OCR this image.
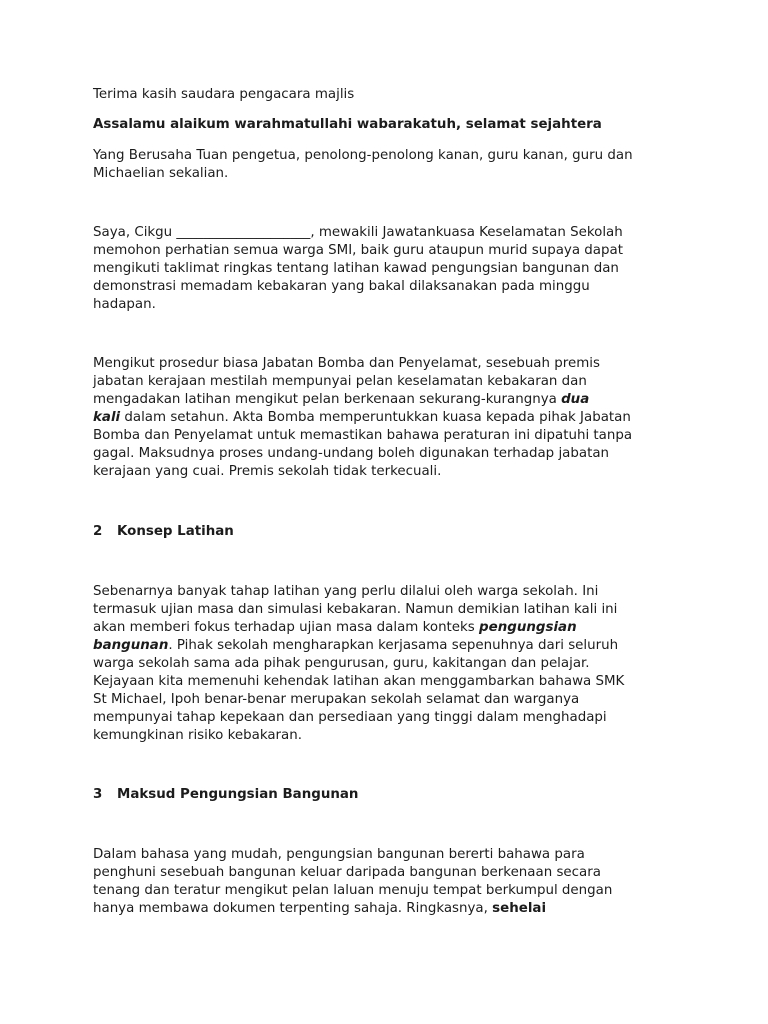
Terima kasih saudara pengacara majlis

Assalamu alaikum warahmatullahi wabarakatuh, selamat sejahtera

Yang Berusaha Tuan pengetua, penolong-penolong kanan, guru kanan, guru dan
Michaelian sekalian.
Saya, Cikgu ____________________, mewakili Jawatankuasa Keselamatan Sekolah
memohon perhatian semua warga SMI, baik guru ataupun murid supaya dapat
mengikuti taklimat ringkas tentang latihan kawad pengungsian bangunan dan
demonstrasi memadam kebakaran yang bakal dilaksanakan pada minggu
hadapan.
Mengikut prosedur biasa Jabatan Bomba dan Penyelamat, sesebuah premis
jabatan kerajaan mestilah mempunyai pelan keselamatan kebakaran dan
mengadakan latihan mengikut pelan berkenaan sekurang-kurangnya dua
kali dalam setahun. Akta Bomba memperuntukkan kuasa kepada pihak Jabatan
Bomba dan Penyelamat untuk memastikan bahawa peraturan ini dipatuhi tanpa
gagal. Maksudnya proses undang-undang boleh digunakan terhadap jabatan
kerajaan yang cuai. Premis sekolah tidak terkecuali.
2 Konsep Latihan
Sebenarnya banyak tahap latihan yang perlu dilalui oleh warga sekolah. Ini
termasuk ujian masa dan simulasi kebakaran. Namun demikian latihan kali ini
akan memberi fokus terhadap ujian masa dalam konteks pengungsian
bangunan. Pihak sekolah mengharapkan kerjasama sepenuhnya dari seluruh
warga sekolah sama ada pihak pengurusan, guru, kakitangan dan pelajar.
Kejayaan kita memenuhi kehendak latihan akan menggambarkan bahawa SMK
St Michael, Ipoh benar-benar merupakan sekolah selamat dan warganya
mempunyai tahap kepekaan dan persediaan yang tinggi dalam menghadapi
kemungkinan risiko kebakaran.
3 Maksud Pengungsian Bangunan
Dalam bahasa yang mudah, pengungsian bangunan bererti bahawa para
penghuni sesebuah bangunan keluar daripada bangunan berkenaan secara
tenang dan teratur mengikut pelan laluan menuju tempat berkumpul dengan
hanya membawa dokumen terpenting sahaja. Ringkasnya, sehelai
